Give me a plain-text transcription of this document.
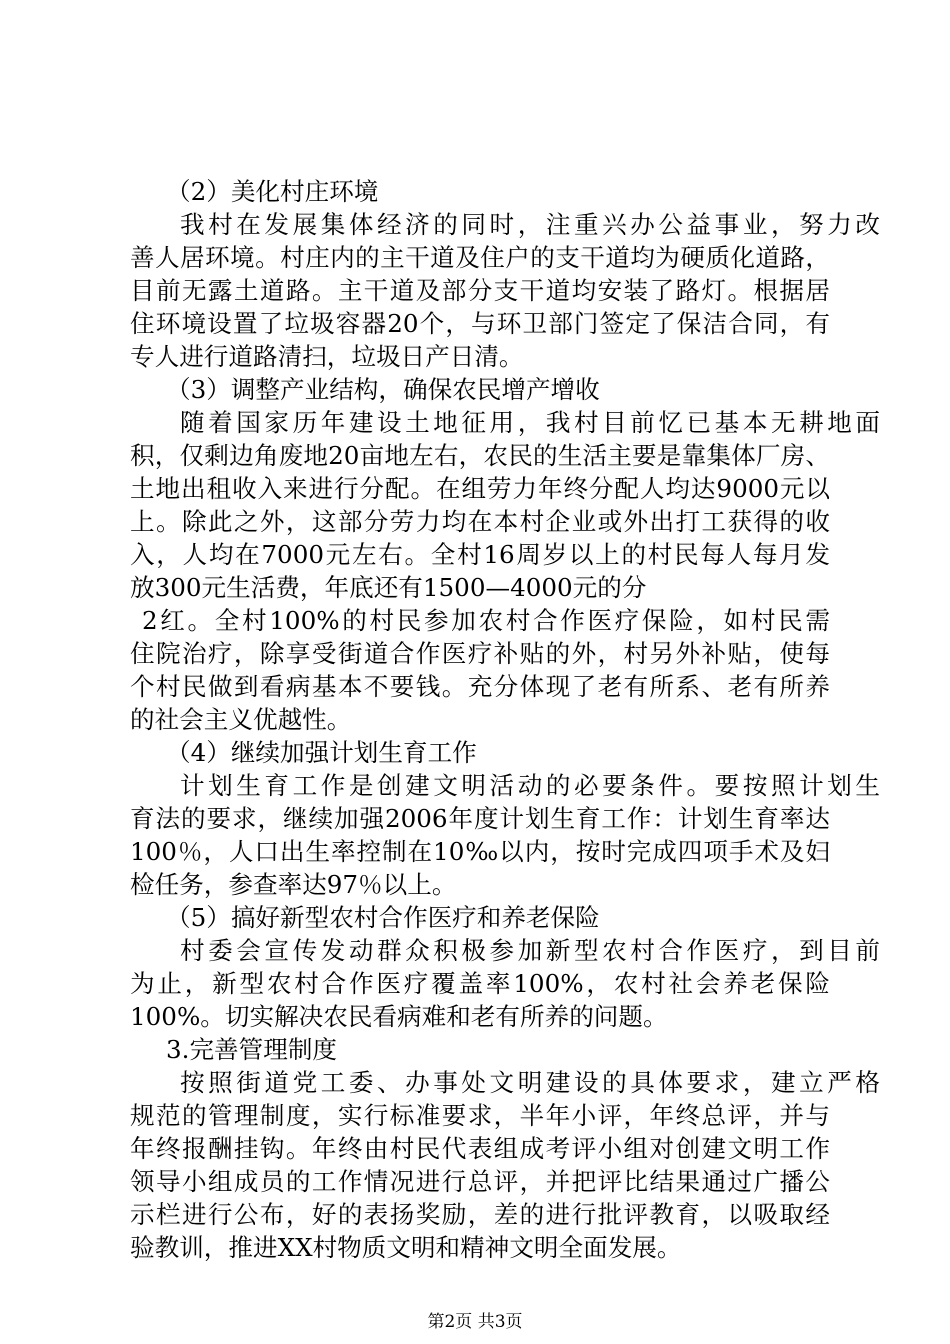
（2）美化村庄环境
我村在发展集体经济的同时，注重兴办公益事业，努力改
善人居环境。村庄内的主干道及住户的支干道均为硬质化道路，
目前无露土道路。主干道及部分支干道均安装了路灯。根据居
住环境设置了垃圾容器20个，与环卫部门签定了保洁合同，有
专人进行道路清扫，垃圾日产日清。
（3）调整产业结构，确保农民增产增收
随着国家历年建设土地征用，我村目前忆已基本无耕地面
积，仅剩边角废地20亩地左右，农民的生活主要是靠集体厂房、
土地出租收入来进行分配。在组劳力年终分配人均达9000元以
上。除此之外，这部分劳力均在本村企业或外出打工获得的收
入，人均在7000元左右。全村16周岁以上的村民每人每月发
放300元生活费，年底还有1500—4000元的分
2红。全村100%的村民参加农村合作医疗保险，如村民需
住院治疗，除享受街道合作医疗补贴的外，村另外补贴，使每
个村民做到看病基本不要钱。充分体现了老有所系、老有所养
的社会主义优越性。
（4）继续加强计划生育工作
计划生育工作是创建文明活动的必要条件。要按照计划生
育法的要求，继续加强2006年度计划生育工作：计划生育率达
100％，人口出生率控制在10‰以内，按时完成四项手术及妇
检任务，参查率达97％以上。
（5）搞好新型农村合作医疗和养老保险
村委会宣传发动群众积极参加新型农村合作医疗，到目前
为止，新型农村合作医疗覆盖率100%，农村社会养老保险
100%。切实解决农民看病难和老有所养的问题。
3.完善管理制度
按照街道党工委、办事处文明建设的具体要求，建立严格
规范的管理制度，实行标准要求，半年小评，年终总评，并与
年终报酬挂钩。年终由村民代表组成考评小组对创建文明工作
领导小组成员的工作情况进行总评，并把评比结果通过广播公
示栏进行公布，好的表扬奖励，差的进行批评教育，以吸取经
验教训，推进XX村物质文明和精神文明全面发展。
第2页 共3页
